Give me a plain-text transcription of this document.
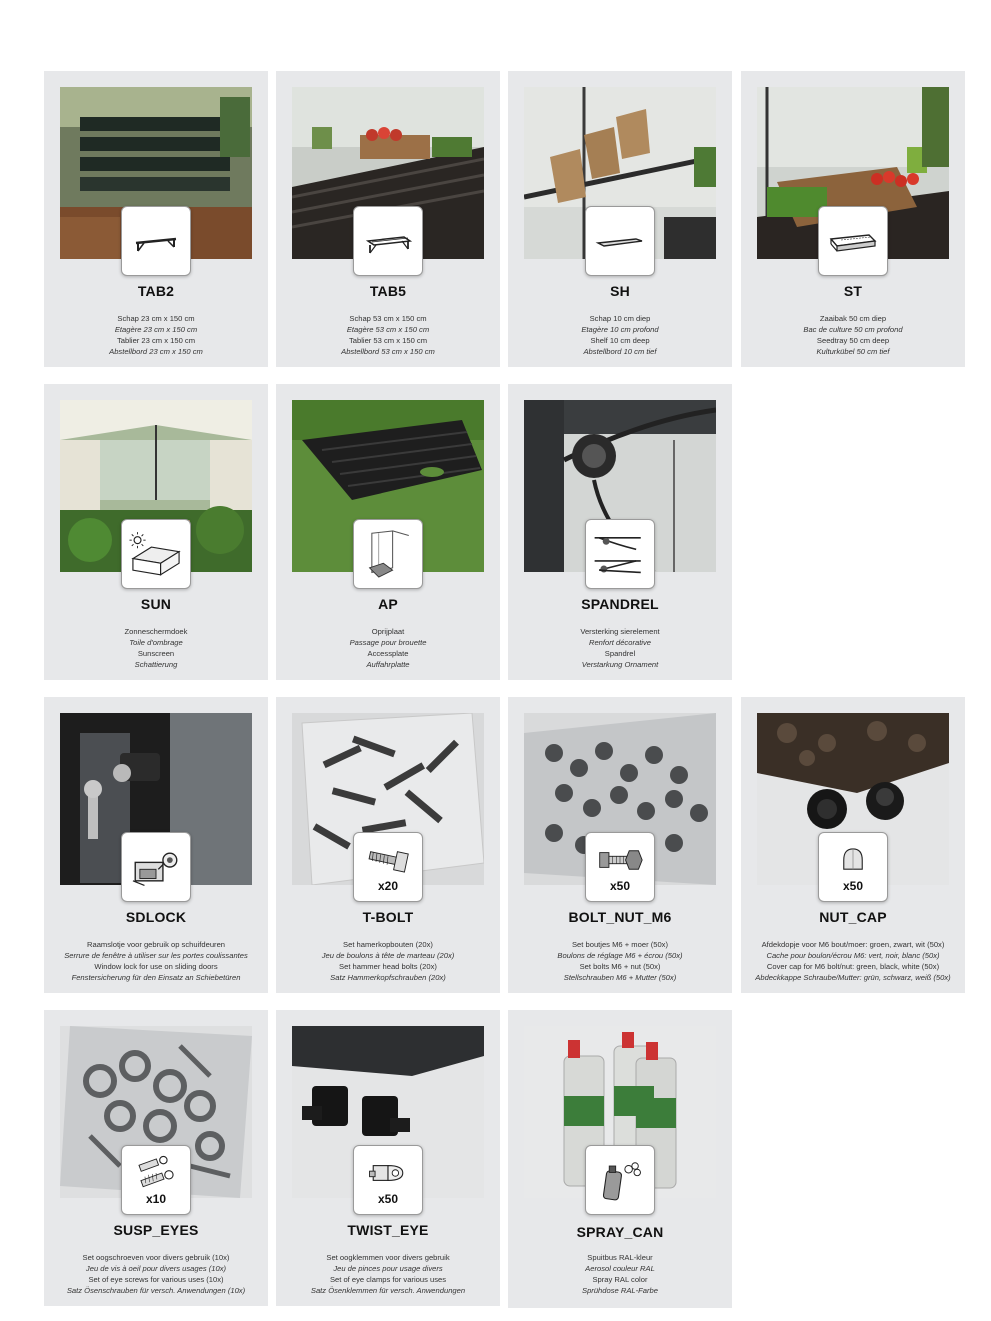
TAB2
Schap 23 cm x 150 cm
Etagère 23 cm x 150 cm
Tablier 23 cm x 150 cm
Abstellbord 23 cm x 150 cm
TAB5
Schap 53 cm x 150 cm
Etagère 53 cm x 150 cm
Tablier 53 cm x 150 cm
Abstellbord 53 cm x 150 cm
SH
Schap 10 cm diep
Etagère 10 cm profond
Shelf 10 cm deep
Abstellbord 10 cm tief
ST
Zaaibak 50 cm diep
Bac de culture 50 cm profond
Seedtray 50 cm deep
Kulturkübel 50 cm tief
SUN
Zonneschermdoek
Toile d'ombrage
Sunscreen
Schattierung
AP
Oprijplaat
Passage pour brouette
Accessplate
Auffahrplatte
SPANDREL
Versterking sierelement
Renfort décorative
Spandrel
Verstarkung Ornament
SDLOCK
Raamslotje voor gebruik op schuifdeuren
Serrure de fenêtre à utiliser sur les portes coulissantes
Window lock for use on sliding doors
Fenstersicherung für den Einsatz an Schiebetüren
x20
T-BOLT
Set hamerkopbouten (20x)
Jeu de boulons à tête de marteau (20x)
Set hammer head bolts (20x)
Satz Hammerkopfschrauben (20x)
x50
BOLT_NUT_M6
Set boutjes M6 + moer (50x)
Boulons de réglage M6 + écrou (50x)
Set bolts M6 + nut (50x)
Stellschrauben M6 + Mutter (50x)
x50
NUT_CAP
Afdekdopje voor M6 bout/moer: groen, zwart, wit (50x)
Cache pour boulon/écrou M6: vert, noir, blanc (50x)
Cover cap for M6 bolt/nut: green, black, white (50x)
Abdeckkappe Schraube/Mutter: grün, schwarz, weiß (50x)
x10
SUSP_EYES
Set oogschroeven voor divers gebruik (10x)
Jeu de vis à oeil pour divers usages (10x)
Set of eye screws for various uses (10x)
Satz Ösenschrauben für versch. Anwendungen (10x)
x50
TWIST_EYE
Set oogklemmen voor divers gebruik
Jeu de pinces pour usage divers
Set of eye clamps for various uses
Satz Ösenklemmen für versch. Anwendungen
SPRAY_CAN
Spuitbus RAL-kleur
Aerosol couleur RAL
Spray RAL color
Sprühdose RAL-Farbe
